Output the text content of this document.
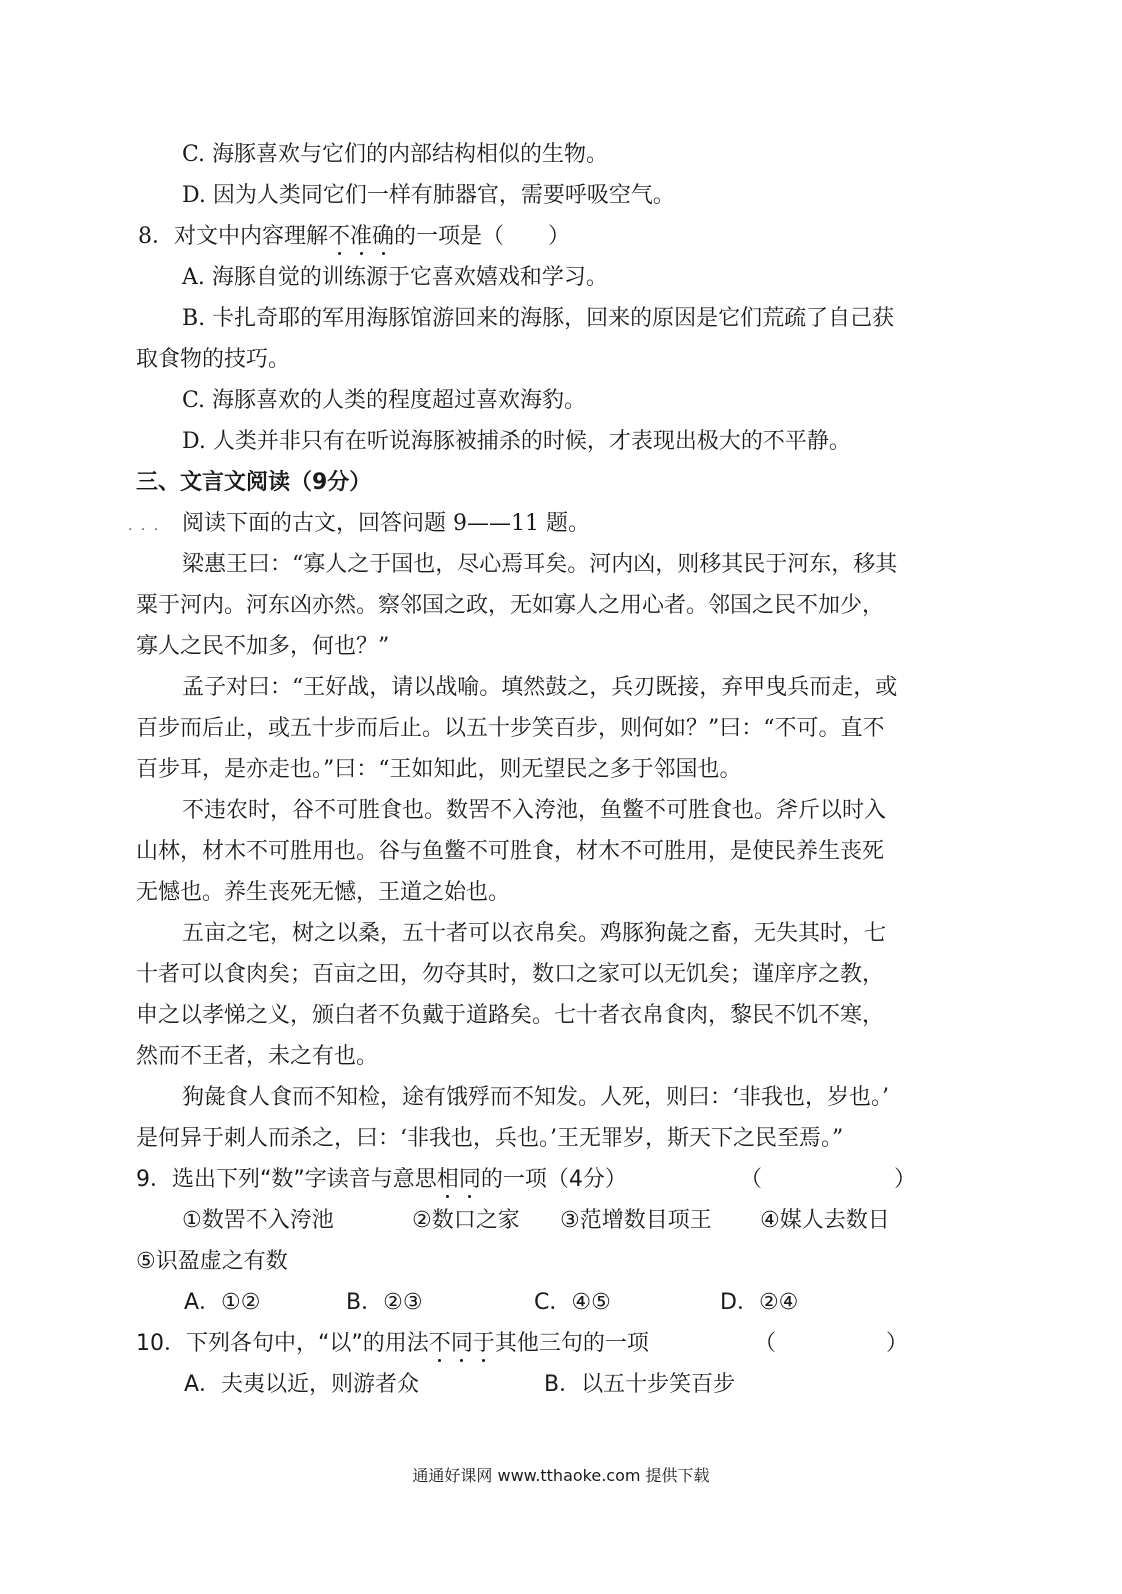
C. 海豚喜欢与它们的内部结构相似的生物。
D. 因为人类同它们一样有肺器官，需要呼吸空气。
8．对文中内容理解不准确的一项是（　　）
A. 海豚自觉的训练源于它喜欢嬉戏和学习。
B. 卡扎奇耶的军用海豚馆游回来的海豚，回来的原因是它们荒疏了自己获
取食物的技巧。
C. 海豚喜欢的人类的程度超过喜欢海豹。
D. 人类并非只有在听说海豚被捕杀的时候，才表现出极大的不平静。
三、文言文阅读（9分）
. . . 阅读下面的古文，回答问题 9——11 题。
梁惠王曰：“寡人之于国也，尽心焉耳矣。河内凶，则移其民于河东，移其
粟于河内。河东凶亦然。察邻国之政，无如寡人之用心者。邻国之民不加少，
寡人之民不加多，何也？”
孟子对曰：“王好战，请以战喻。填然鼓之，兵刃既接，弃甲曳兵而走，或
百步而后止，或五十步而后止。以五十步笑百步，则何如？”曰：“不可。直不
百步耳，是亦走也。”曰：“王如知此，则无望民之多于邻国也。
不违农时，谷不可胜食也。数罟不入洿池，鱼鳖不可胜食也。斧斤以时入
山林，材木不可胜用也。谷与鱼鳖不可胜食，材木不可胜用，是使民养生丧死
无憾也。养生丧死无憾，王道之始也。
五亩之宅，树之以桑，五十者可以衣帛矣。鸡豚狗彘之畜，无失其时，七
十者可以食肉矣；百亩之田，勿夺其时，数口之家可以无饥矣；谨庠序之教，
申之以孝悌之义，颁白者不负戴于道路矣。七十者衣帛食肉，黎民不饥不寒，
然而不王者，未之有也。
狗彘食人食而不知检，途有饿殍而不知发。人死，则曰：‘非我也，岁也。’
是何异于刺人而杀之，曰：‘非我也，兵也。’王无罪岁，斯天下之民至焉。”
9．选出下列“数”字读音与意思相同的一项（4分）	（　　　　　　）
①数罟不入洿池	②数口之家 ③范增数目项王 ④媒人去数日
⑤识盈虚之有数
A．①②	B．②③	C．④⑤	D．②④
10．下列各句中，“以”的用法不同于其他三句的一项	（　　　　　）
A．夫夷以近，则游者众	B．以五十步笑百步
通通好课网 www.tthaoke.com 提供下载
